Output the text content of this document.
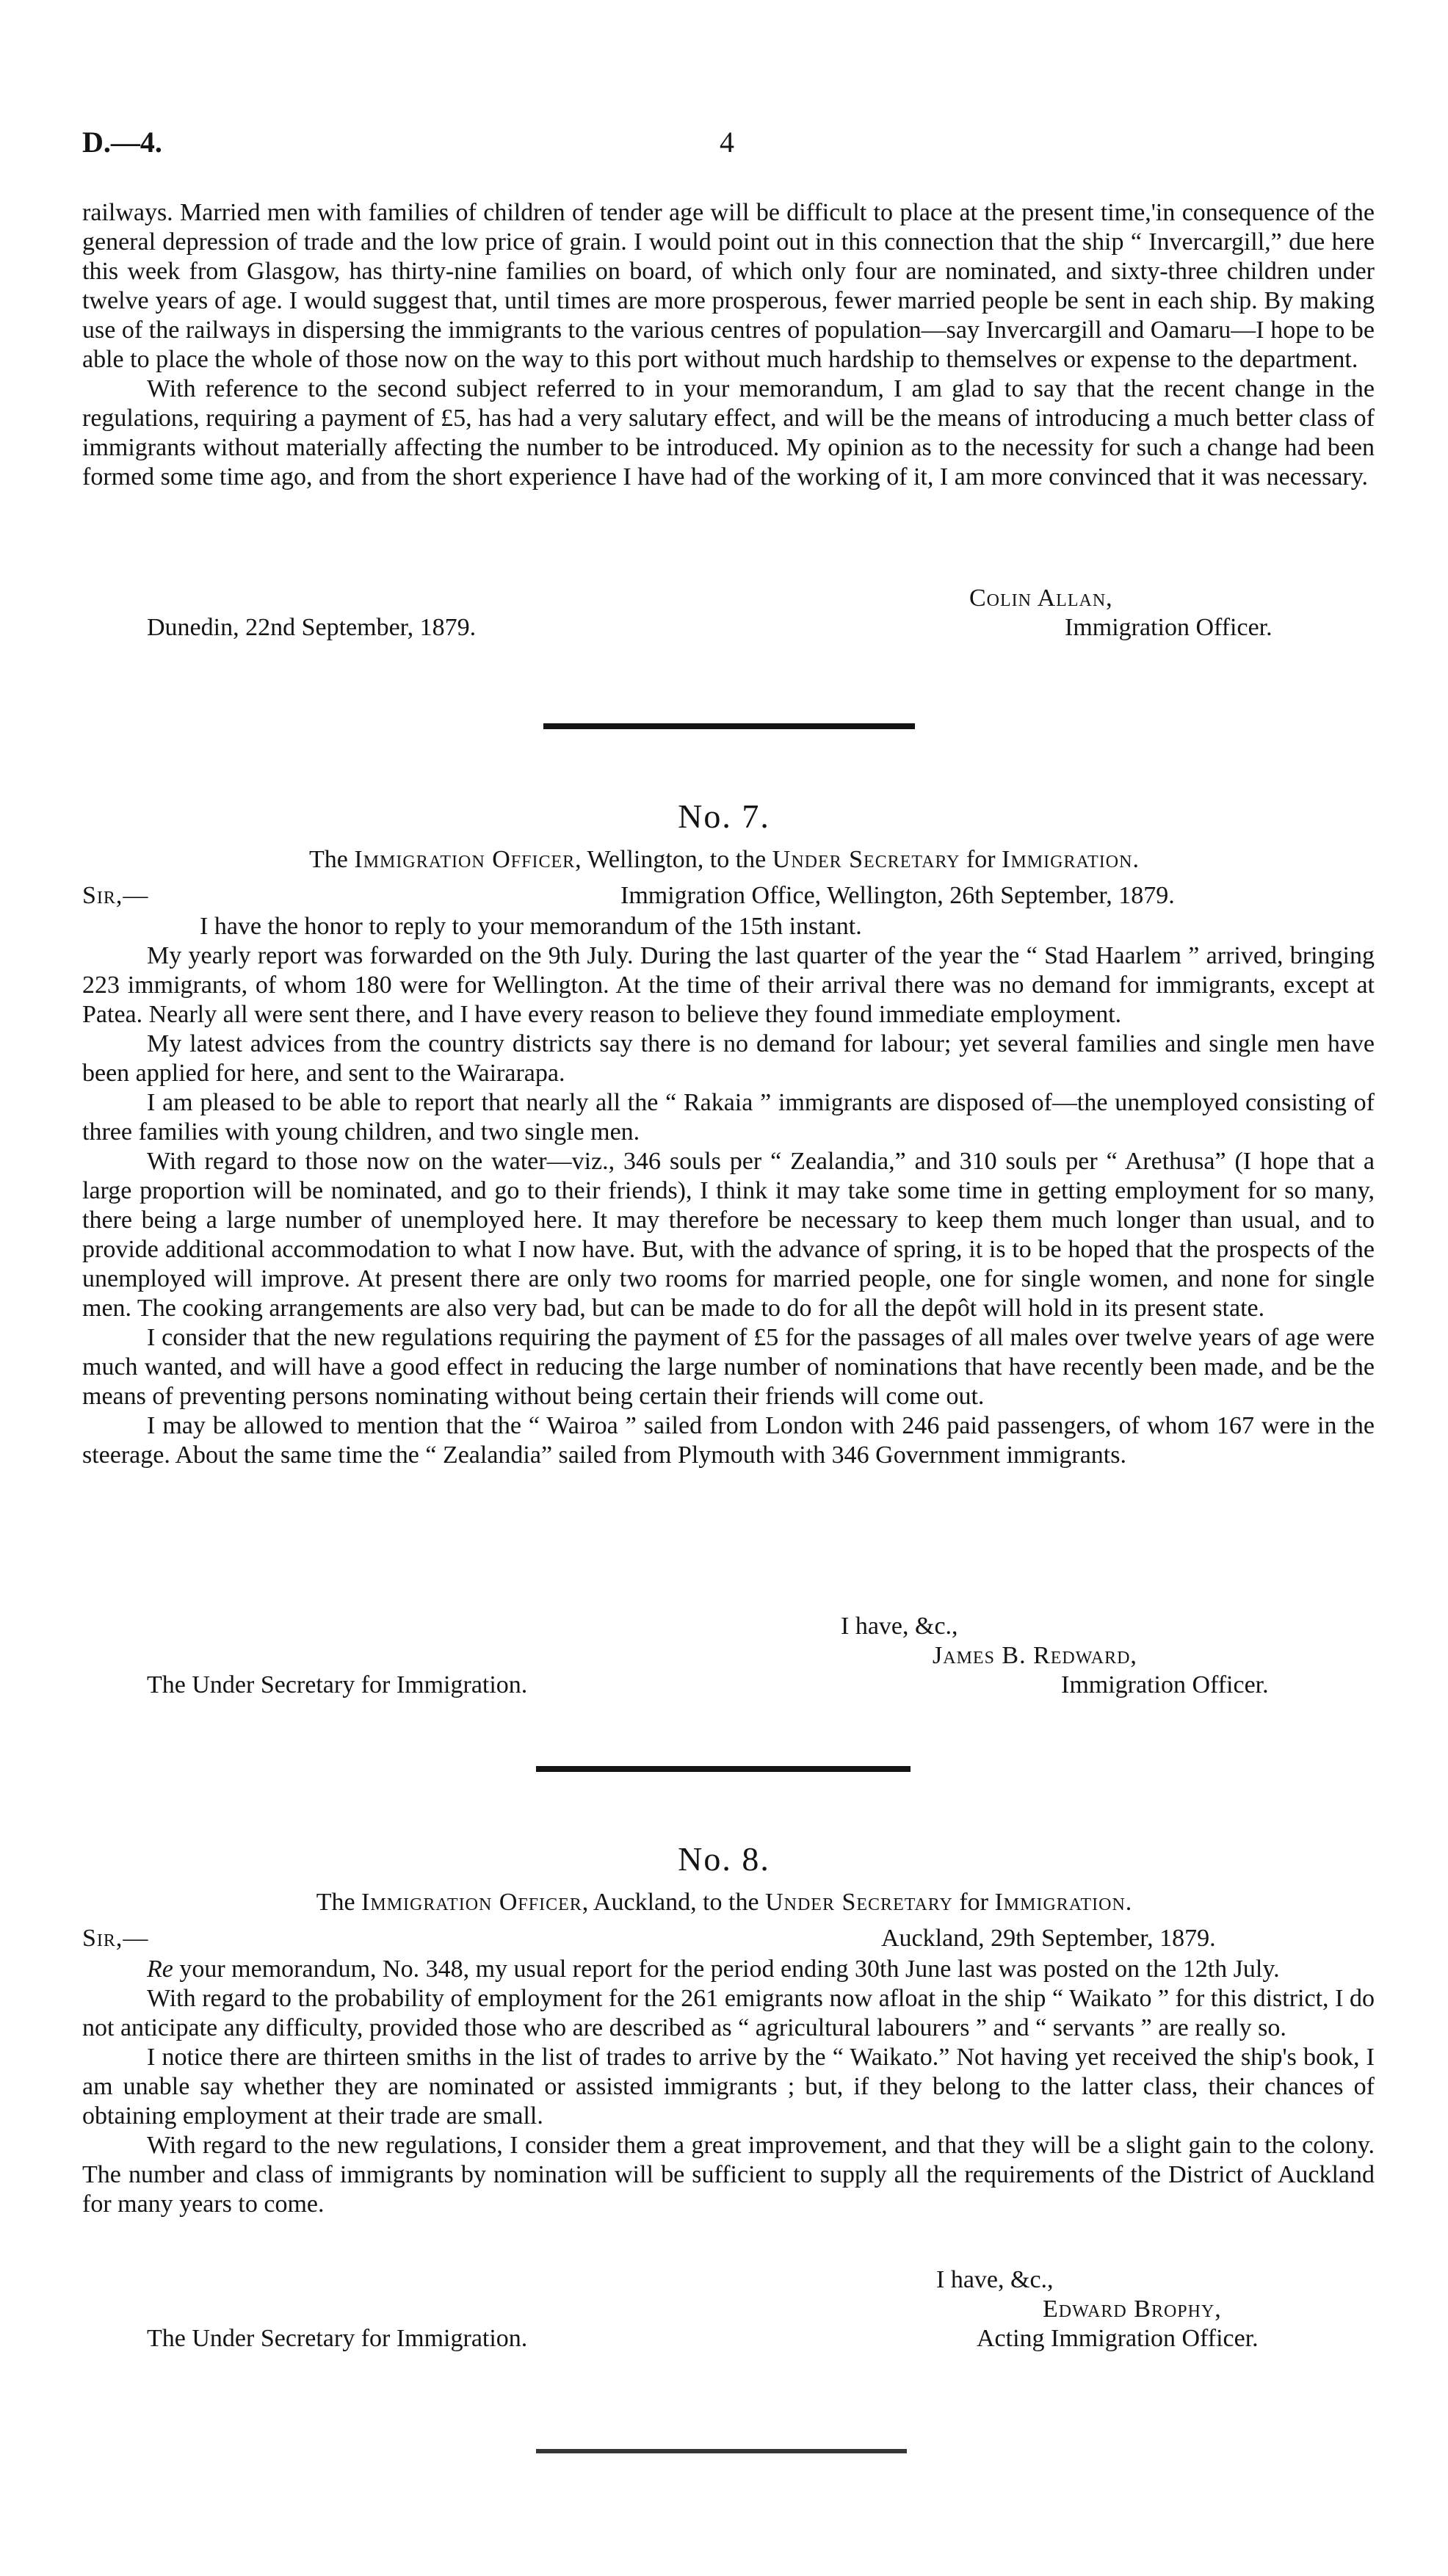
D.—4.	4

railways. Married men with families of children of tender age will be difficult to place at the present time,'in consequence of the general depression of trade and the low price of grain. I would point out in this connection that the ship “ Invercargill,” due here this week from Glasgow, has thirty-nine families on board, of which only four are nominated, and sixty-three children under twelve years of age. I would suggest that, until times are more prosperous, fewer married people be sent in each ship. By making use of the railways in dispersing the immigrants to the various centres of population—say Invercargill and Oamaru—I hope to be able to place the whole of those now on the way to this port without much hardship to themselves or expense to the department.

With reference to the second subject referred to in your memorandum, I am glad to say that the recent change in the regulations, requiring a payment of £5, has had a very salutary effect, and will be the means of introducing a much better class of immigrants without materially affecting the number to be introduced. My opinion as to the necessity for such a change had been formed some time ago, and from the short experience I have had of the working of it, I am more convinced that it was necessary.

Colin Allan,
Dunedin, 22nd September, 1879.	Immigration Officer.
No. 7.
The Immigration Officer, Wellington, to the Under Secretary for Immigration.
Sir,—	Immigration Office, Wellington, 26th September, 1879.

I have the honor to reply to your memorandum of the 15th instant.

My yearly report was forwarded on the 9th July. During the last quarter of the year the “ Stad Haarlem ” arrived, bringing 223 immigrants, of whom 180 were for Wellington. At the time of their arrival there was no demand for immigrants, except at Patea. Nearly all were sent there, and I have every reason to believe they found immediate employment.

My latest advices from the country districts say there is no demand for labour; yet several families and single men have been applied for here, and sent to the Wairarapa.

I am pleased to be able to report that nearly all the “ Rakaia ” immigrants are disposed of—the unemployed consisting of three families with young children, and two single men.

With regard to those now on the water—viz., 346 souls per “ Zealandia,” and 310 souls per “ Arethusa” (I hope that a large proportion will be nominated, and go to their friends), I think it may take some time in getting employment for so many, there being a large number of unemployed here. It may therefore be necessary to keep them much longer than usual, and to provide additional accommodation to what I now have. But, with the advance of spring, it is to be hoped that the prospects of the unemployed will improve. At present there are only two rooms for married people, one for single women, and none for single men. The cooking arrangements are also very bad, but can be made to do for all the depôt will hold in its present state.

I consider that the new regulations requiring the payment of £5 for the passages of all males over twelve years of age were much wanted, and will have a good effect in reducing the large number of nominations that have recently been made, and be the means of preventing persons nominating without being certain their friends will come out.

I may be allowed to mention that the “ Wairoa ” sailed from London with 246 paid passengers, of whom 167 were in the steerage. About the same time the “ Zealandia” sailed from Plymouth with 346 Government immigrants.

I have, &c.,
James B. Redward,
The Under Secretary for Immigration.	Immigration Officer.
No. 8.
The Immigration Officer, Auckland, to the Under Secretary for Immigration.
Sir,—	Auckland, 29th September, 1879.

Re your memorandum, No. 348, my usual report for the period ending 30th June last was posted on the 12th July.

With regard to the probability of employment for the 261 emigrants now afloat in the ship “ Waikato ” for this district, I do not anticipate any difficulty, provided those who are described as “ agricultural labourers ” and “ servants ” are really so.

I notice there are thirteen smiths in the list of trades to arrive by the “ Waikato.” Not having yet received the ship's book, I am unable say whether they are nominated or assisted immigrants ; but, if they belong to the latter class, their chances of obtaining employment at their trade are small.

With regard to the new regulations, I consider them a great improvement, and that they will be a slight gain to the colony. The number and class of immigrants by nomination will be sufficient to supply all the requirements of the District of Auckland for many years to come.

I have, &c.,
Edward Brophy,
The Under Secretary for Immigration.	Acting Immigration Officer.
